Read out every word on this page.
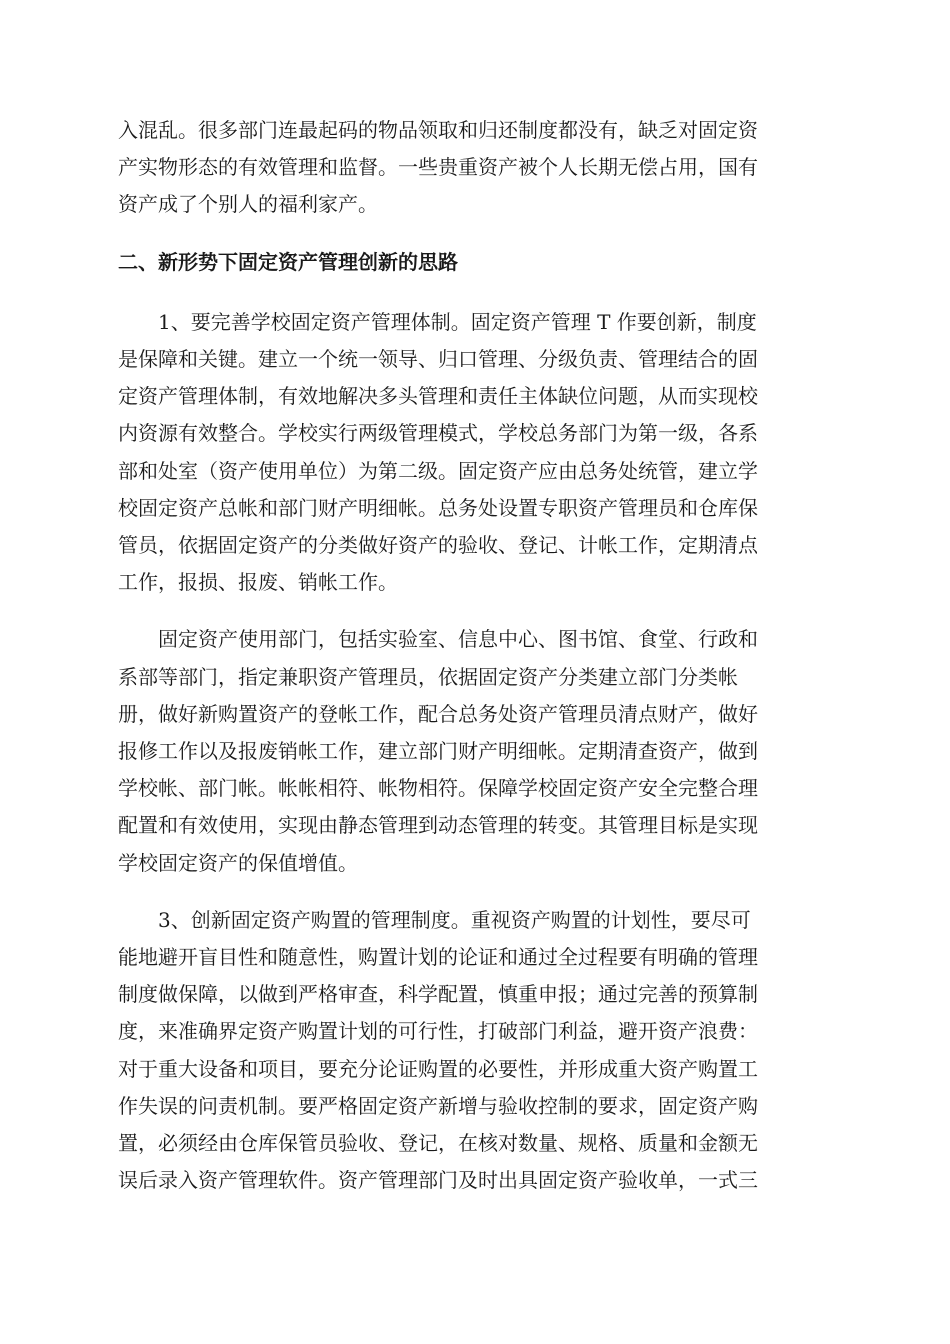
入混乱。很多部门连最起码的物品领取和归还制度都没有，缺乏对固定资
产实物形态的有效管理和监督。一些贵重资产被个人长期无偿占用，国有
资产成了个别人的福利家产。

二、新形势下固定资产管理创新的思路

1、要完善学校固定资产管理体制。固定资产管理 T 作要创新，制度
是保障和关键。建立一个统一领导、归口管理、分级负责、管理结合的固
定资产管理体制，有效地解决多头管理和责任主体缺位问题，从而实现校
内资源有效整合。学校实行两级管理模式，学校总务部门为第一级，各系
部和处室（资产使用单位）为第二级。固定资产应由总务处统管，建立学
校固定资产总帐和部门财产明细帐。总务处设置专职资产管理员和仓库保
管员，依据固定资产的分类做好资产的验收、登记、计帐工作，定期清点
工作，报损、报废、销帐工作。

固定资产使用部门，包括实验室、信息中心、图书馆、食堂、行政和
系部等部门，指定兼职资产管理员，依据固定资产分类建立部门分类帐
册，做好新购置资产的登帐工作，配合总务处资产管理员清点财产，做好
报修工作以及报废销帐工作，建立部门财产明细帐。定期清查资产，做到
学校帐、部门帐。帐帐相符、帐物相符。保障学校固定资产安全完整合理
配置和有效使用，实现由静态管理到动态管理的转变。其管理目标是实现
学校固定资产的保值增值。

3、创新固定资产购置的管理制度。重视资产购置的计划性，要尽可
能地避开盲目性和随意性，购置计划的论证和通过全过程要有明确的管理
制度做保障，以做到严格审查，科学配置，慎重申报；通过完善的预算制
度，来准确界定资产购置计划的可行性，打破部门利益，避开资产浪费：
对于重大设备和项目，要充分论证购置的必要性，并形成重大资产购置工
作失误的问责机制。要严格固定资产新增与验收控制的要求，固定资产购
置，必须经由仓库保管员验收、登记，在核对数量、规格、质量和金额无
误后录入资产管理软件。资产管理部门及时出具固定资产验收单，一式三
